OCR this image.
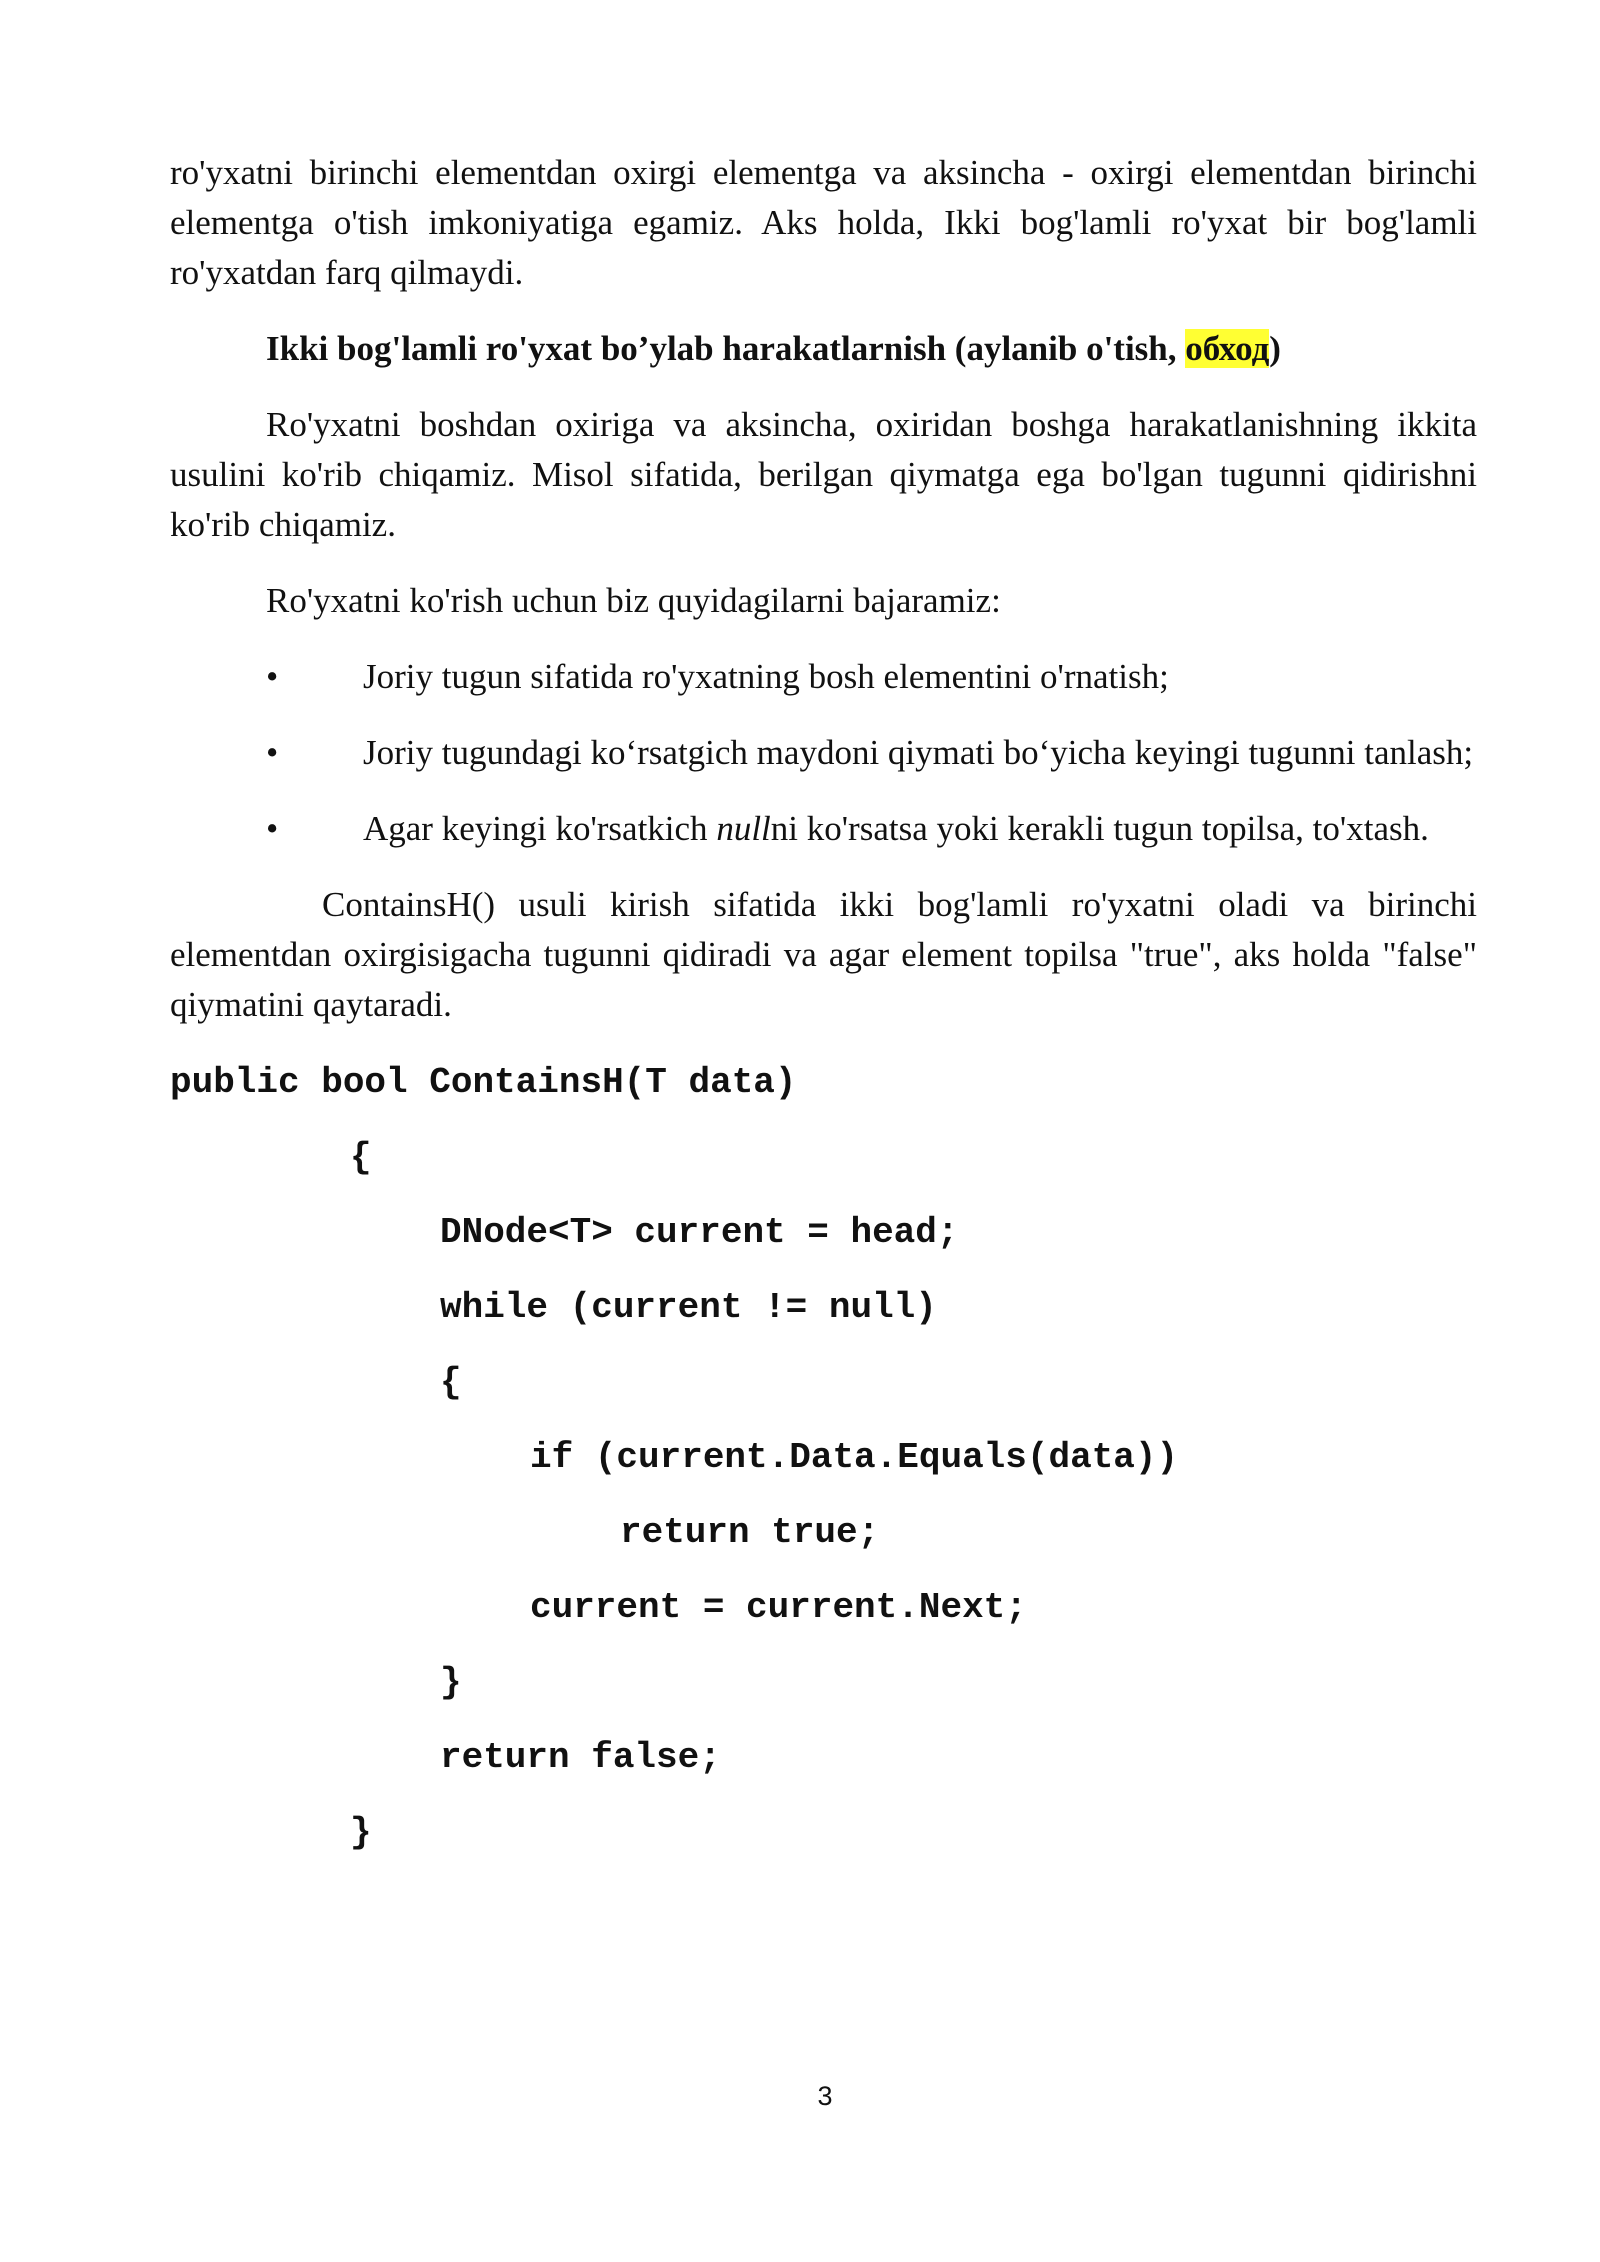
ro'yxatni birinchi elementdan oxirgi elementga va aksincha - oxirgi elementdan birinchi elementga o'tish imkoniyatiga egamiz. Aks holda, Ikki bog'lamli ro'yxat bir bog'lamli ro'yxatdan farq qilmaydi.

Ikki bog'lamli ro'yxat bo’ylab harakatlarnish (aylanib o'tish, обход)

Ro'yxatni boshdan oxiriga va aksincha, oxiridan boshga harakatlanishning ikkita usulini ko'rib chiqamiz. Misol sifatida, berilgan qiymatga ega bo'lgan tugunni qidirishni ko'rib chiqamiz.

Ro'yxatni ko'rish uchun biz quyidagilarni bajaramiz:

• Joriy tugun sifatida ro'yxatning bosh elementini o'rnatish;

• Joriy tugundagi ko‘rsatgich maydoni qiymati bo‘yicha keyingi tugunni tanlash;

• Agar keyingi ko'rsatkich nullni ko'rsatsa yoki kerakli tugun topilsa, to'xtash.

ContainsH() usuli kirish sifatida ikki bog'lamli ro'yxatni oladi va birinchi elementdan oxirgisigacha tugunni qidiradi va agar element topilsa "true", aks holda "false" qiymatini qaytaradi.

public bool ContainsH(T data)
{
DNode<T> current = head;
while (current != null)
{
if (current.Data.Equals(data))
return true;
current = current.Next;
}
return false;
}
3
